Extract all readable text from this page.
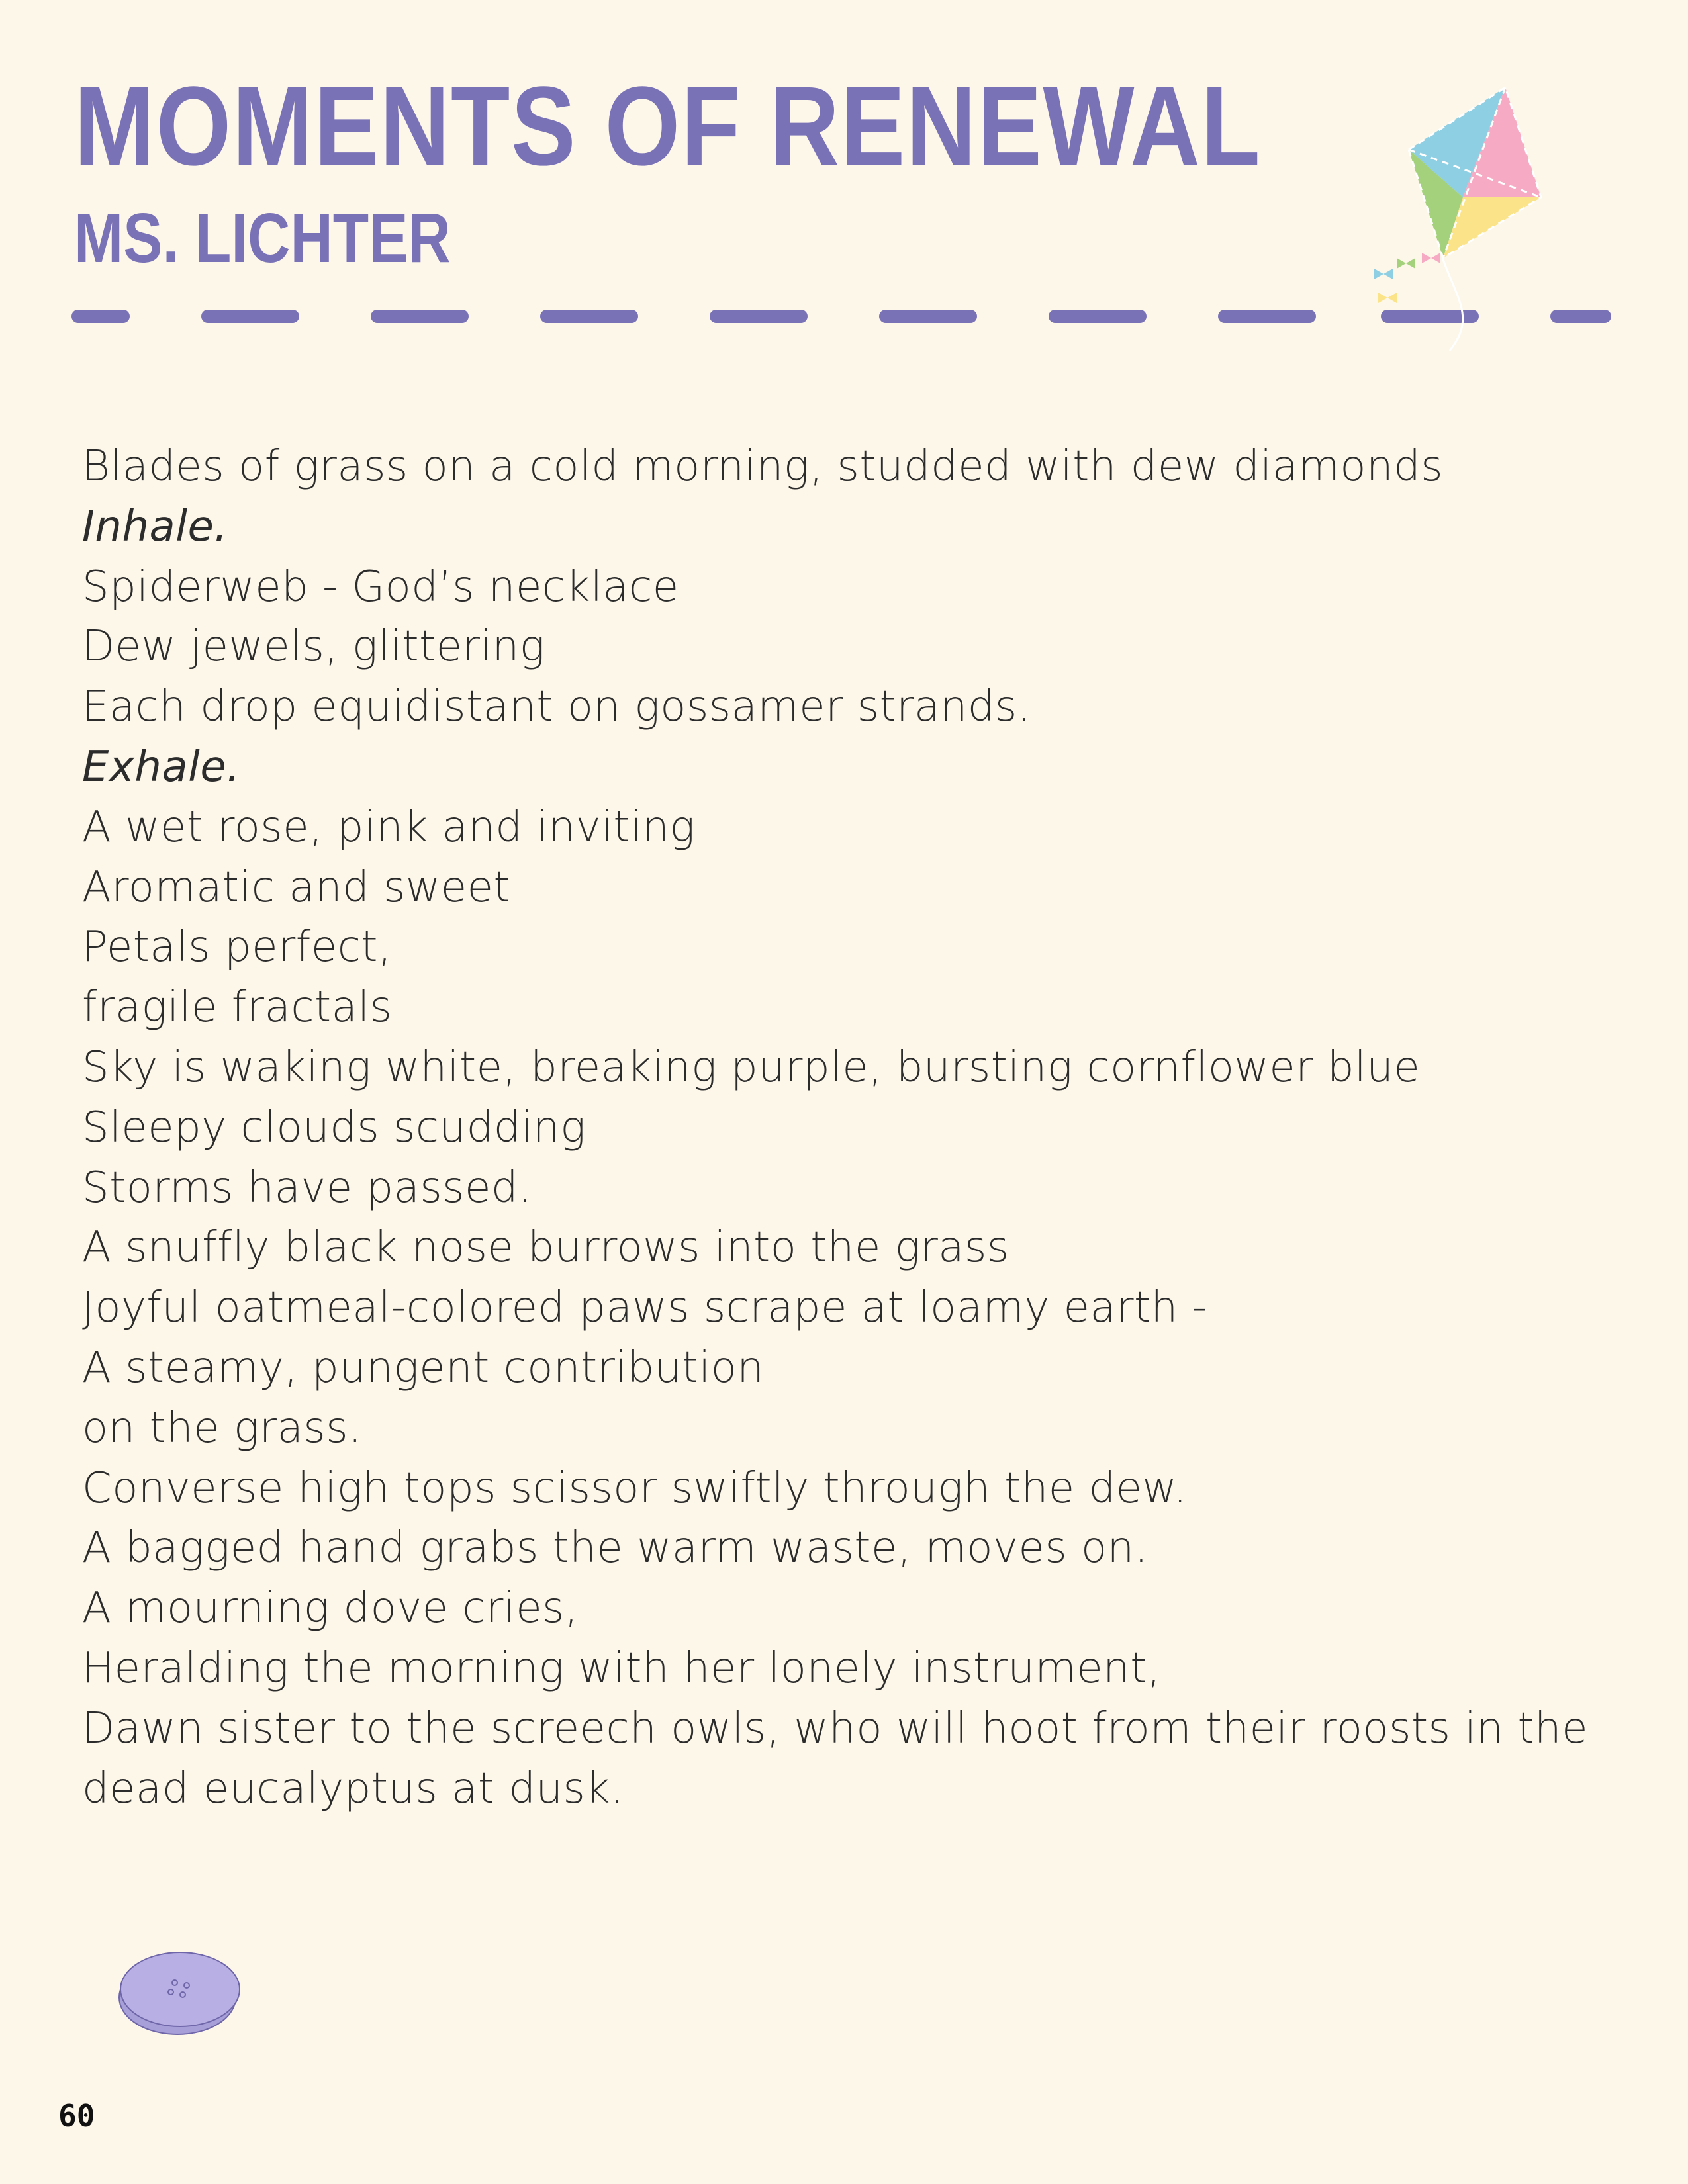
MOMENTS OF RENEWAL
MS. LICHTER
Blades of grass on a cold morning, studded with dew diamonds
Inhale.
Spiderweb - God’s necklace
Dew jewels, glittering
Each drop equidistant on gossamer strands.
Exhale.
A wet rose, pink and inviting
Aromatic and sweet
Petals perfect,
fragile fractals
Sky is waking white, breaking purple, bursting cornflower blue
Sleepy clouds scudding
Storms have passed.
A snuffly black nose burrows into the grass
Joyful oatmeal-colored paws scrape at loamy earth -
A steamy, pungent contribution
on the grass.
Converse high tops scissor swiftly through the dew.
A bagged hand grabs the warm waste, moves on.
A mourning dove cries,
Heralding the morning with her lonely instrument,
Dawn sister to the screech owls, who will hoot from their roosts in the
dead eucalyptus at dusk.
60
